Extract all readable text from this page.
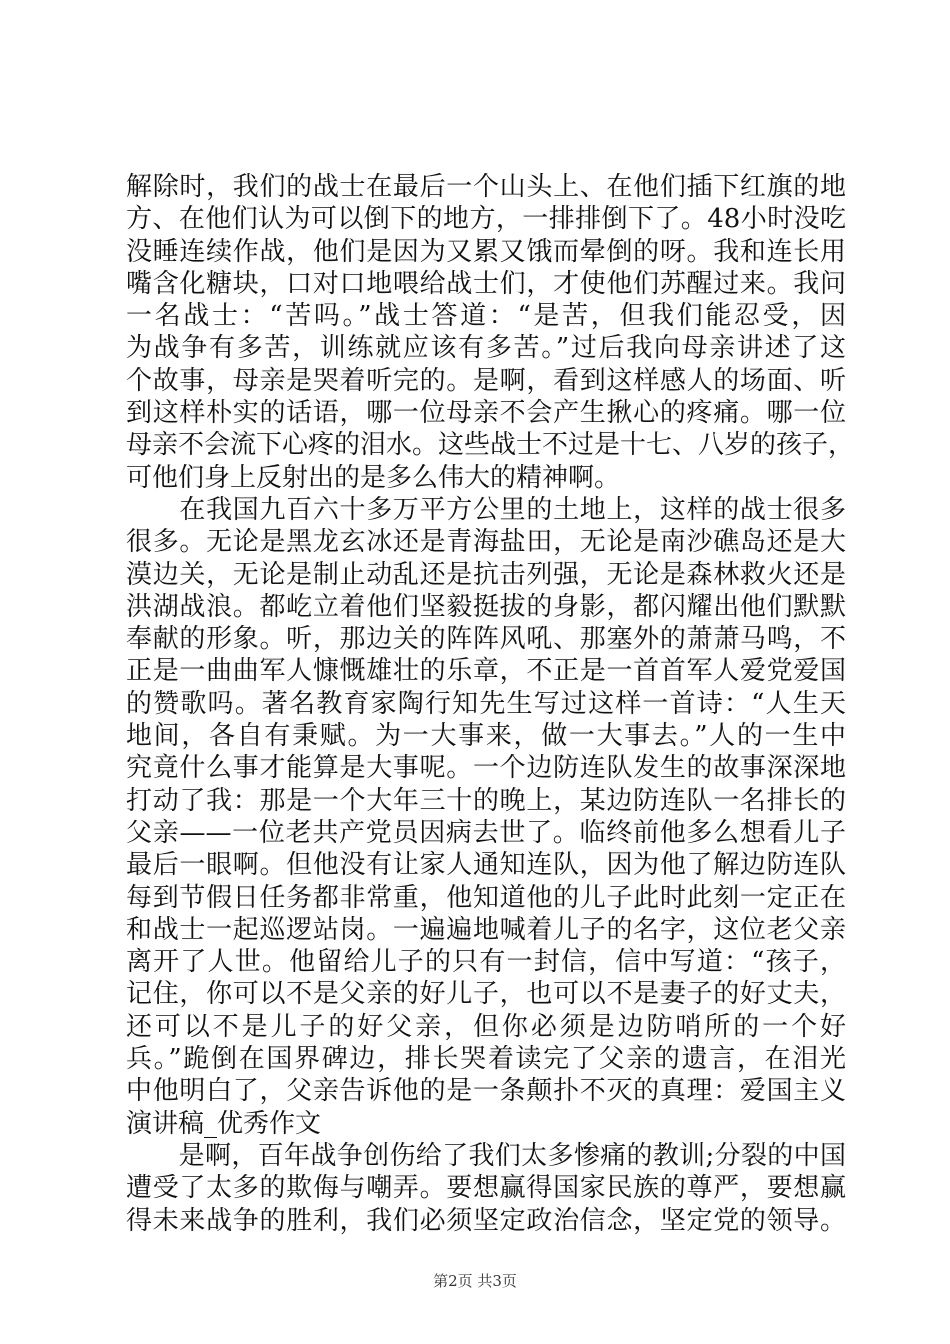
解除时，我们的战士在最后一个山头上、在他们插下红旗的地
方、在他们认为可以倒下的地方，一排排倒下了。48小时没吃
没睡连续作战，他们是因为又累又饿而晕倒的呀。我和连长用
嘴含化糖块，口对口地喂给战士们，才使他们苏醒过来。我问
一名战士：“苦吗。”战士答道：“是苦，但我们能忍受，因
为战争有多苦，训练就应该有多苦。”过后我向母亲讲述了这
个故事，母亲是哭着听完的。是啊，看到这样感人的场面、听
到这样朴实的话语，哪一位母亲不会产生揪心的疼痛。哪一位
母亲不会流下心疼的泪水。这些战士不过是十七、八岁的孩子，
可他们身上反射出的是多么伟大的精神啊。
　　在我国九百六十多万平方公里的土地上，这样的战士很多
很多。无论是黑龙玄冰还是青海盐田，无论是南沙礁岛还是大
漠边关，无论是制止动乱还是抗击列强，无论是森林救火还是
洪湖战浪。都屹立着他们坚毅挺拔的身影，都闪耀出他们默默
奉献的形象。听，那边关的阵阵风吼、那塞外的萧萧马鸣，不
正是一曲曲军人慷慨雄壮的乐章，不正是一首首军人爱党爱国
的赞歌吗。著名教育家陶行知先生写过这样一首诗：“人生天
地间，各自有秉赋。为一大事来，做一大事去。”人的一生中
究竟什么事才能算是大事呢。一个边防连队发生的故事深深地
打动了我：那是一个大年三十的晚上，某边防连队一名排长的
父亲——一位老共产党员因病去世了。临终前他多么想看儿子
最后一眼啊。但他没有让家人通知连队，因为他了解边防连队
每到节假日任务都非常重，他知道他的儿子此时此刻一定正在
和战士一起巡逻站岗。一遍遍地喊着儿子的名字，这位老父亲
离开了人世。他留给儿子的只有一封信，信中写道：“孩子，
记住，你可以不是父亲的好儿子，也可以不是妻子的好丈夫，
还可以不是儿子的好父亲，但你必须是边防哨所的一个好
兵。”跪倒在国界碑边，排长哭着读完了父亲的遗言，在泪光
中他明白了，父亲告诉他的是一条颠扑不灭的真理：爱国主义
演讲稿_优秀作文
　　是啊，百年战争创伤给了我们太多惨痛的教训;分裂的中国
遭受了太多的欺侮与嘲弄。要想赢得国家民族的尊严，要想赢
得未来战争的胜利，我们必须坚定政治信念，坚定党的领导。
第2页 共3页
